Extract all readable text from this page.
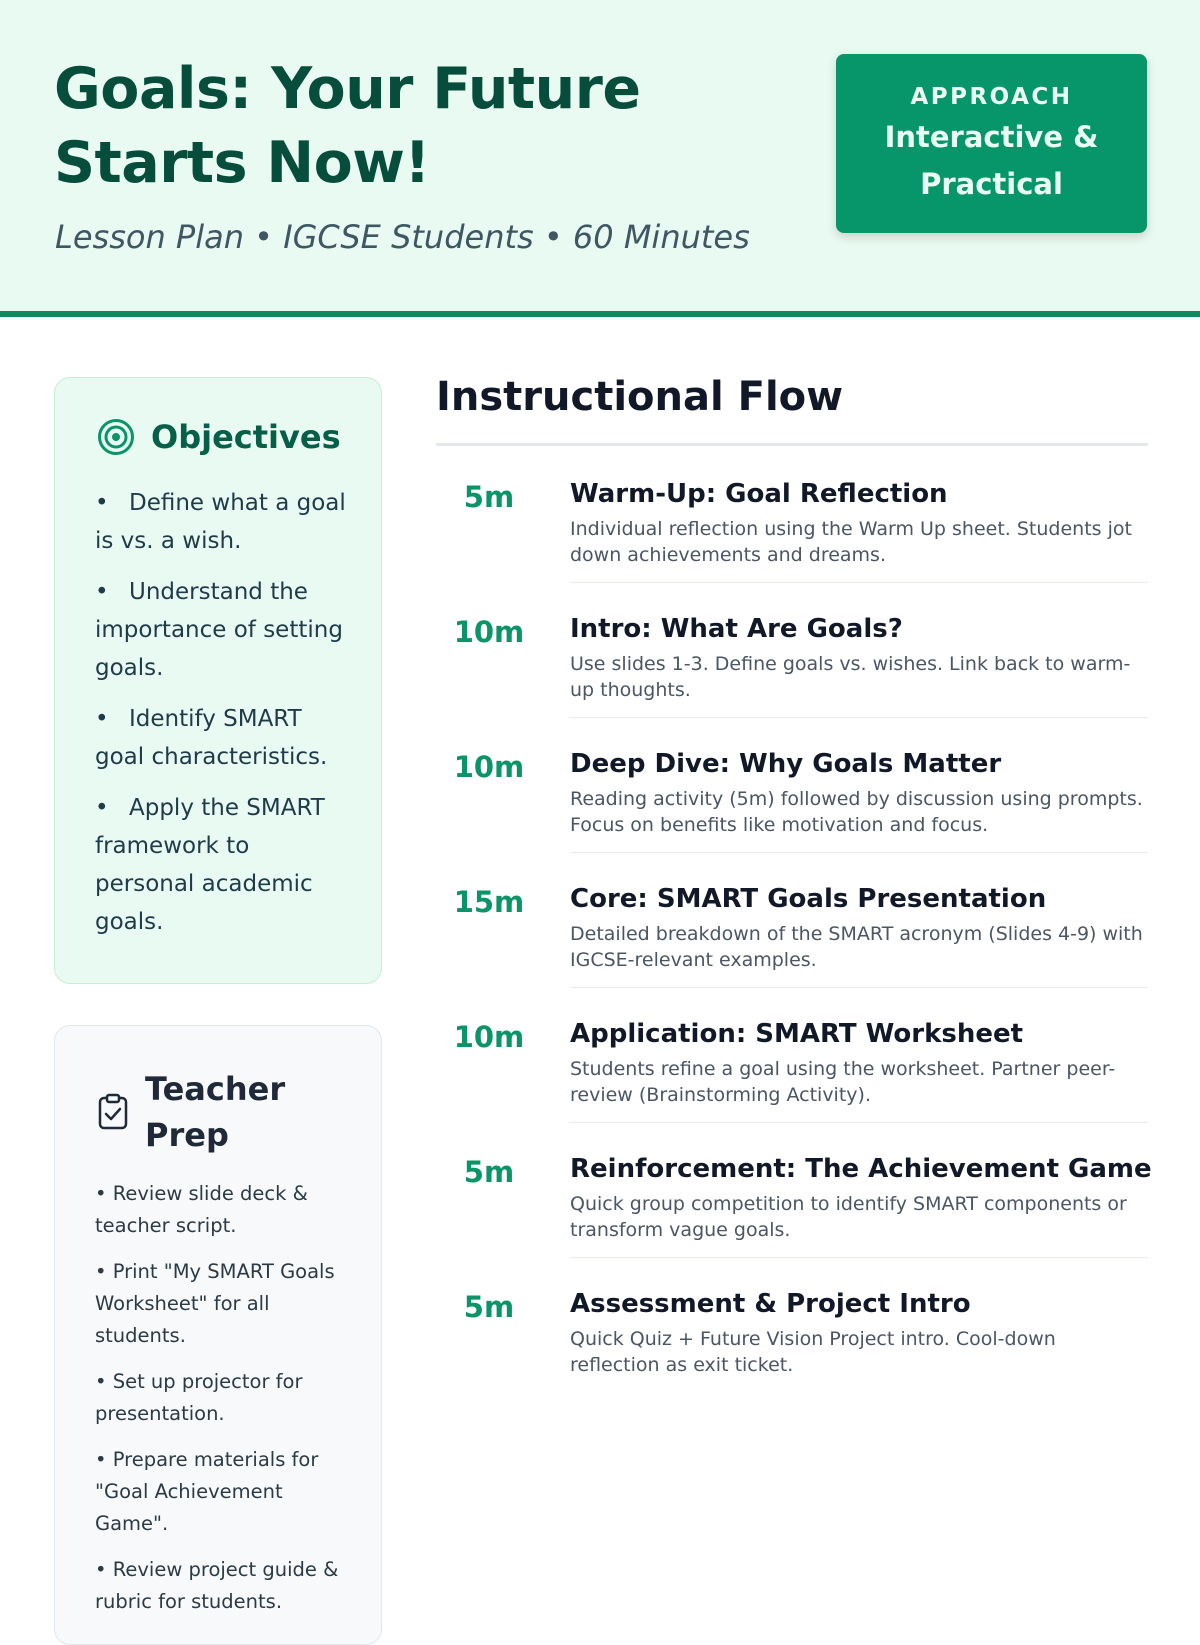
Goals: Your Future Starts Now!

Lesson Plan • IGCSE Students • 60 Minutes

APPROACH
Interactive & Practical
Objectives
• Define what a goal is vs. a wish.
• Understand the importance of setting goals.
• Identify SMART goal characteristics.
• Apply the SMART framework to personal academic goals.
Teacher Prep
• Review slide deck & teacher script.
• Print "My SMART Goals Worksheet" for all students.
• Set up projector for presentation.
• Prepare materials for "Goal Achievement Game".
• Review project guide & rubric for students.
Instructional Flow
5m	Warm-Up: Goal Reflection
Individual reflection using the Warm Up sheet. Students jot down achievements and dreams.
10m	Intro: What Are Goals?
Use slides 1-3. Define goals vs. wishes. Link back to warm-up thoughts.
10m	Deep Dive: Why Goals Matter
Reading activity (5m) followed by discussion using prompts. Focus on benefits like motivation and focus.
15m	Core: SMART Goals Presentation
Detailed breakdown of the SMART acronym (Slides 4-9) with IGCSE-relevant examples.
10m	Application: SMART Worksheet
Students refine a goal using the worksheet. Partner peer-review (Brainstorming Activity).
5m	Reinforcement: The Achievement Game
Quick group competition to identify SMART components or transform vague goals.
5m	Assessment & Project Intro
Quick Quiz + Future Vision Project intro. Cool-down reflection as exit ticket.
